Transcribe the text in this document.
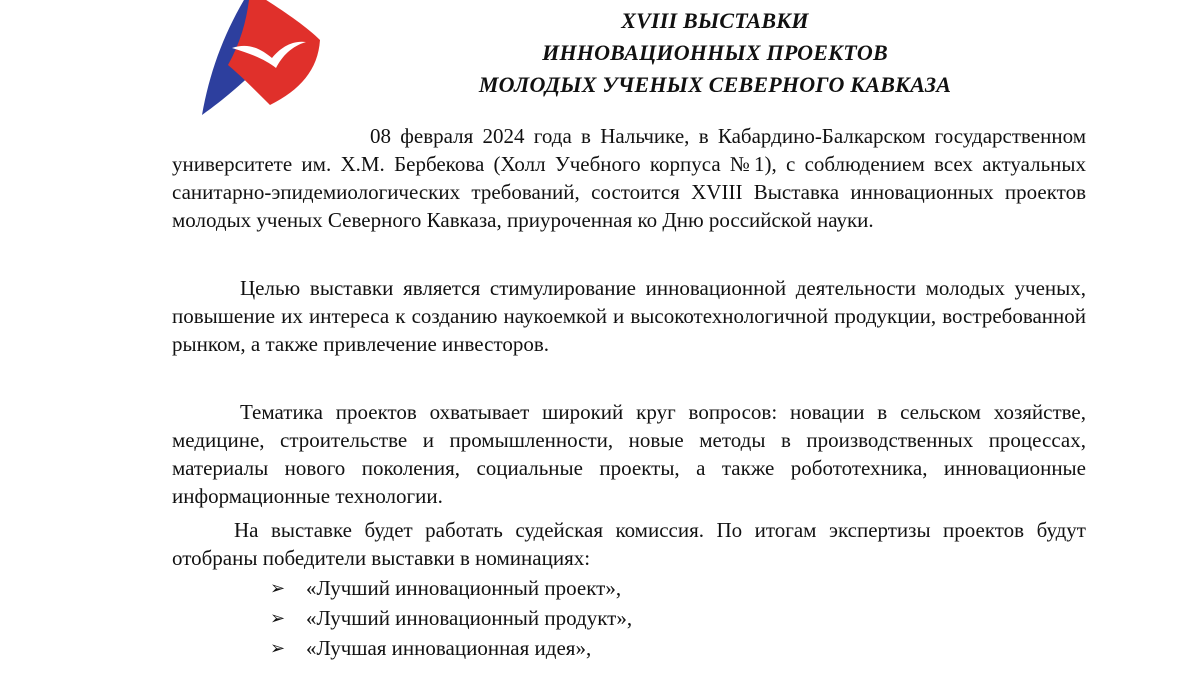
XVIII ВЫСТАВКИ
ИННОВАЦИОННЫХ ПРОЕКТОВ
МОЛОДЫХ УЧЕНЫХ СЕВЕРНОГО КАВКАЗА

08 февраля 2024 года в Нальчике, в Кабардино-Балкарском государственном университете им. Х.М. Бербекова (Холл Учебного корпуса №1), с соблюдением всех актуальных санитарно-эпидемиологических требований, состоится XVIII Выставка инновационных проектов молодых ученых Северного Кавказа, приуроченная ко Дню российской науки.

Целью выставки является стимулирование инновационной деятельности молодых ученых, повышение их интереса к созданию наукоемкой и высокотехнологичной продукции, востребованной рынком, а также привлечение инвесторов.

Тематика проектов охватывает широкий круг вопросов: новации в сельском хозяйстве, медицине, строительстве и промышленности, новые методы в производственных процессах, материалы нового поколения, социальные проекты, а также робототехника, инновационные информационные технологии.

На выставке будет работать судейская комиссия. По итогам экспертизы проектов будут отобраны победители выставки в номинациях:

➢ «Лучший инновационный проект»,
➢ «Лучший инновационный продукт»,
➢ «Лучшая инновационная идея»,
